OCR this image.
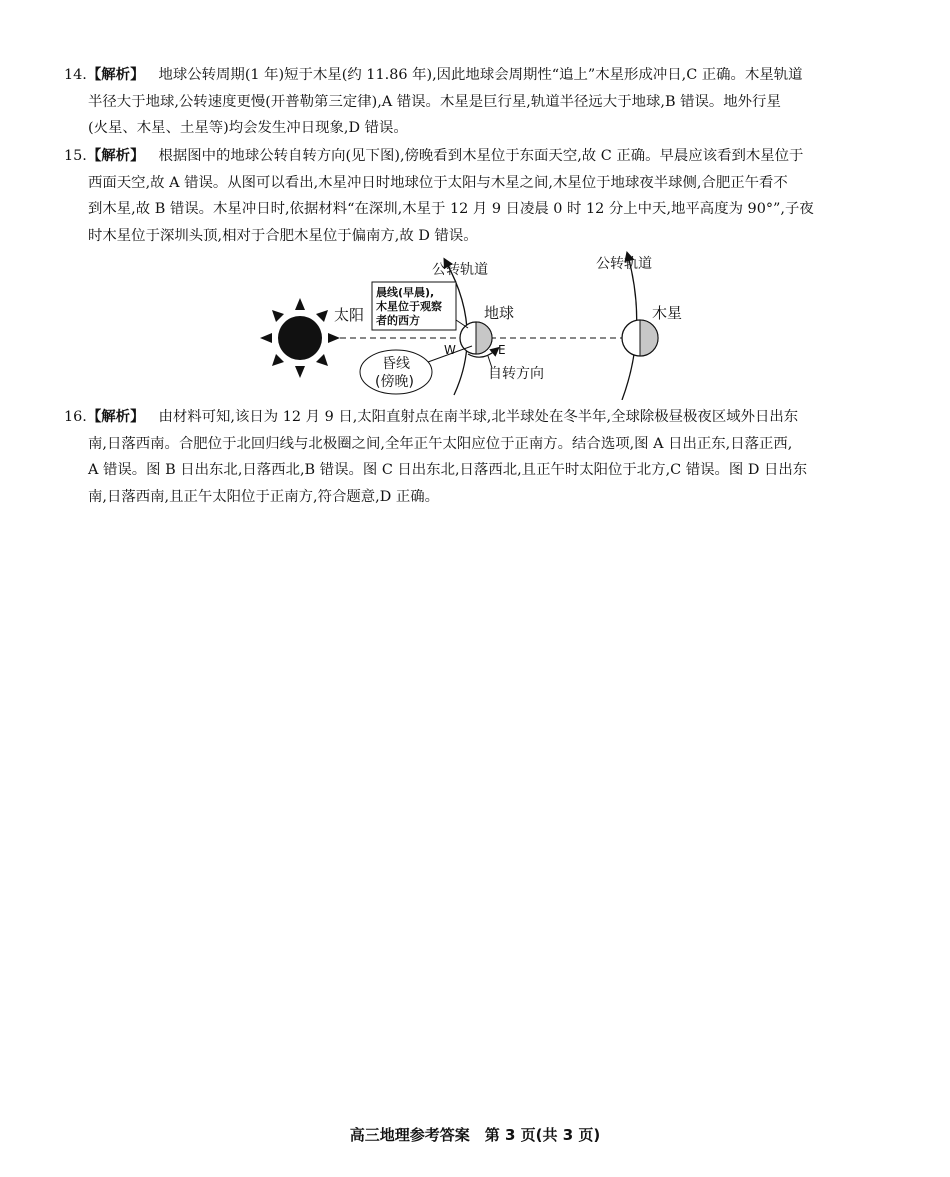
14.【解析】 地球公转周期(1 年)短于木星(约 11.86 年),因此地球会周期性“追上”木星形成冲日,C 正确。木星轨道
半径大于地球,公转速度更慢(开普勒第三定律),A 错误。木星是巨行星,轨道半径远大于地球,B 错误。地外行星
(火星、木星、土星等)均会发生冲日现象,D 错误。
15.【解析】 根据图中的地球公转自转方向(见下图),傍晚看到木星位于东面天空,故 C 正确。早晨应该看到木星位于
西面天空,故 A 错误。从图可以看出,木星冲日时地球位于太阳与木星之间,木星位于地球夜半球侧,合肥正午看不
到木星,故 B 错误。木星冲日时,依据材料“在深圳,木星于 12 月 9 日凌晨 0 时 12 分上中天,地平高度为 90°”,子夜
时木星位于深圳头顶,相对于合肥木星位于偏南方,故 D 错误。
太阳
公转轨道
地球
W	E
自转方向
晨线(早晨),
木星位于观察
者的西方
昏线
(傍晚)
公转轨道
木星
16.【解析】 由材料可知,该日为 12 月 9 日,太阳直射点在南半球,北半球处在冬半年,全球除极昼极夜区域外日出东
南,日落西南。合肥位于北回归线与北极圈之间,全年正午太阳应位于正南方。结合选项,图 A 日出正东,日落正西,
A 错误。图 B 日出东北,日落西北,B 错误。图 C 日出东北,日落西北,且正午时太阳位于北方,C 错误。图 D 日出东
南,日落西南,且正午太阳位于正南方,符合题意,D 正确。
高三地理参考答案　第 3 页(共 3 页)
